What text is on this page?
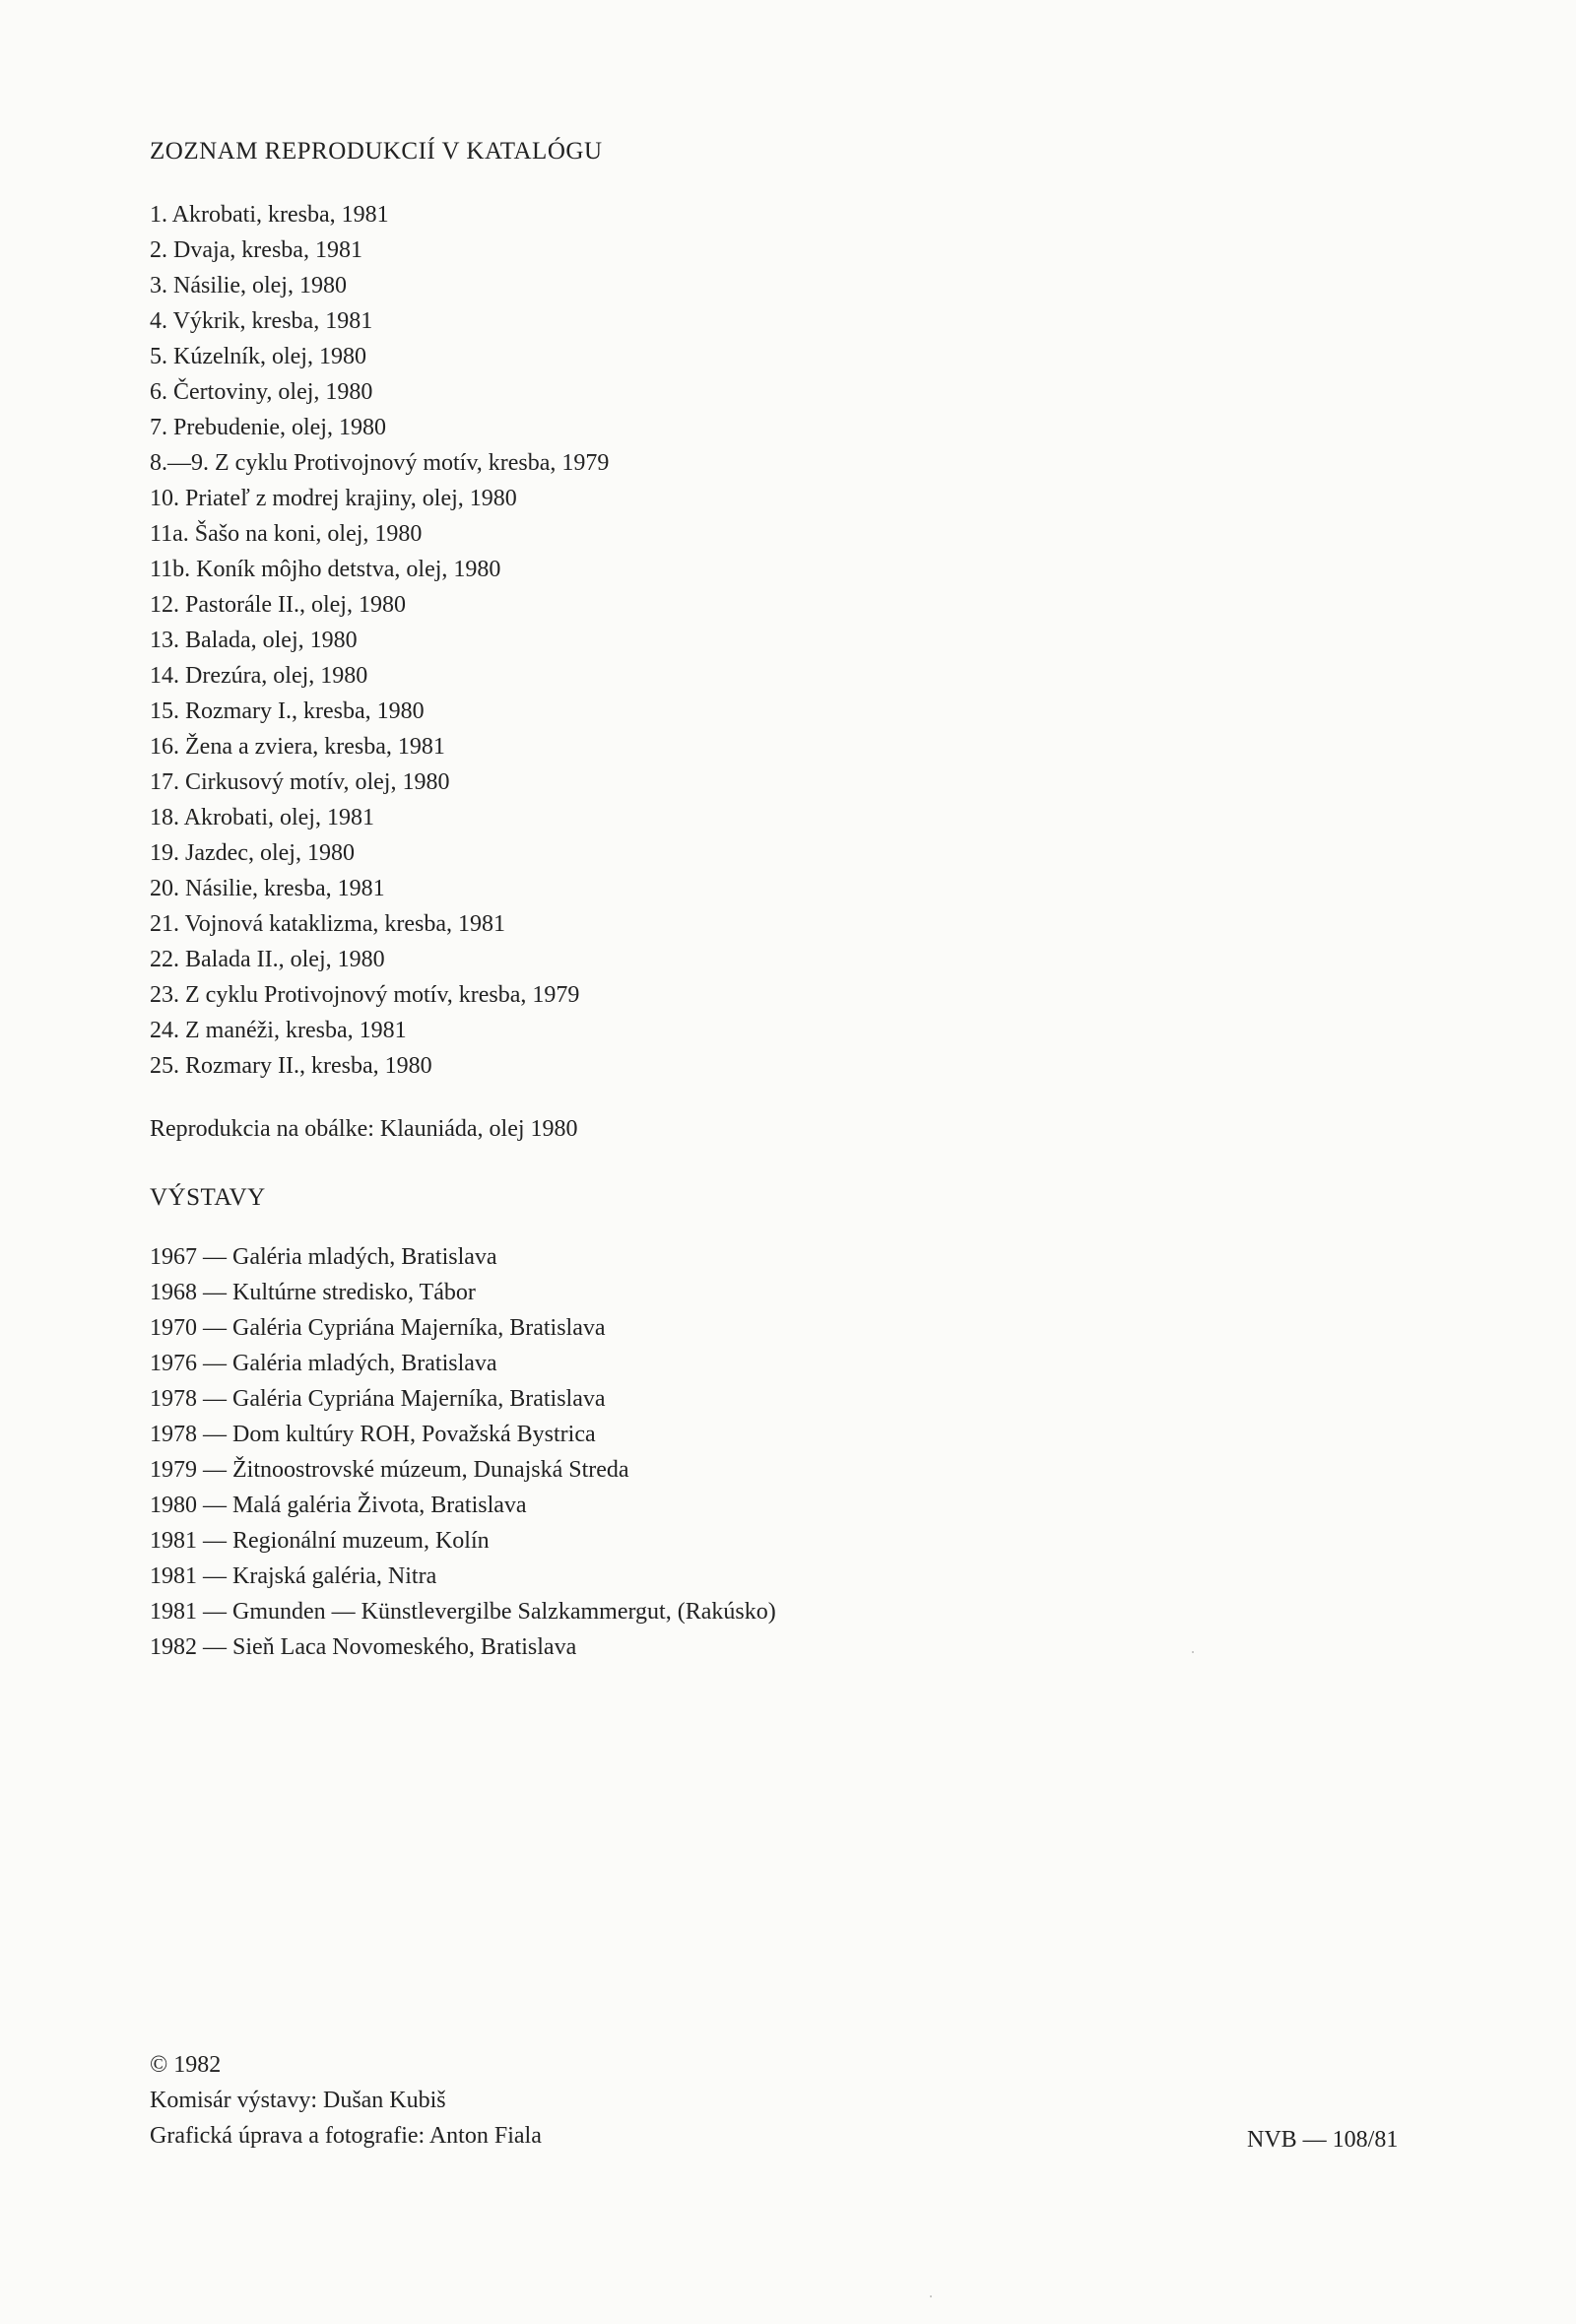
ZOZNAM REPRODUKCIÍ V KATALÓGU
1. Akrobati, kresba, 1981
2. Dvaja, kresba, 1981
3. Násilie, olej, 1980
4. Výkrik, kresba, 1981
5. Kúzelník, olej, 1980
6. Čertoviny, olej, 1980
7. Prebudenie, olej, 1980
8.—9. Z cyklu Protivojnový motív, kresba, 1979
10. Priateľ z modrej krajiny, olej, 1980
11a. Šašo na koni, olej, 1980
11b. Koník môjho detstva, olej, 1980
12. Pastorále II., olej, 1980
13. Balada, olej, 1980
14. Drezúra, olej, 1980
15. Rozmary I., kresba, 1980
16. Žena a zviera, kresba, 1981
17. Cirkusový motív, olej, 1980
18. Akrobati, olej, 1981
19. Jazdec, olej, 1980
20. Násilie, kresba, 1981
21. Vojnová kataklizma, kresba, 1981
22. Balada II., olej, 1980
23. Z cyklu Protivojnový motív, kresba, 1979
24. Z manéži, kresba, 1981
25. Rozmary II., kresba, 1980
Reprodukcia na obálke: Klauniáda, olej 1980
VÝSTAVY
1967 — Galéria mladých, Bratislava
1968 — Kultúrne stredisko, Tábor
1970 — Galéria Cypriána Majerníka, Bratislava
1976 — Galéria mladých, Bratislava
1978 — Galéria Cypriána Majerníka, Bratislava
1978 — Dom kultúry ROH, Považská Bystrica
1979 — Žitnoostrovské múzeum, Dunajská Streda
1980 — Malá galéria Života, Bratislava
1981 — Regionální muzeum, Kolín
1981 — Krajská galéria, Nitra
1981 — Gmunden — Künstlevergilbe Salzkammergut, (Rakúsko)
1982 — Sieň Laca Novomeského, Bratislava
© 1982
Komisár výstavy: Dušan Kubiš
Grafická úprava a fotografie: Anton Fiala	NVB — 108/81
